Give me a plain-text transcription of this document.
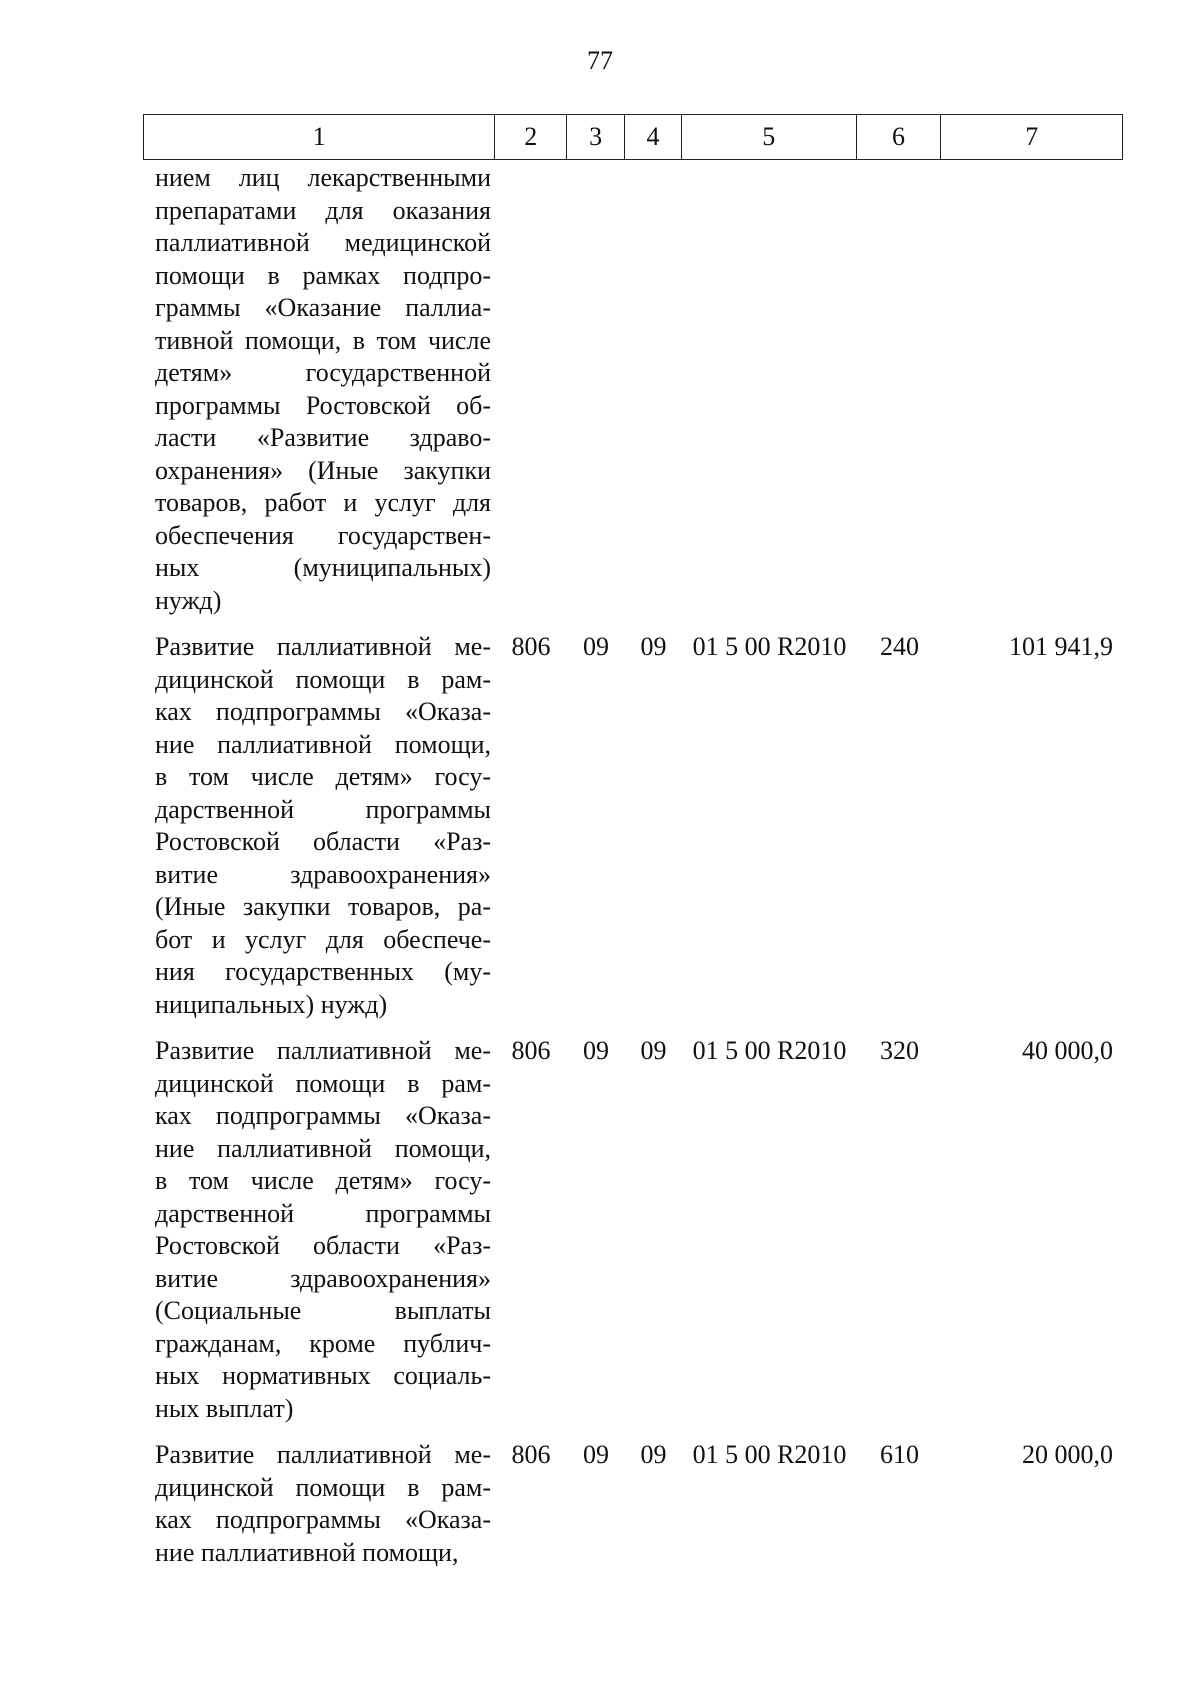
77
1	2	3	4	5	6	7
нием лиц лекарственными
препаратами для оказания
паллиативной медицинской
помощи в рамках подпро-
граммы «Оказание паллиа-
тивной помощи, в том числе
детям» государственной
программы Ростовской об-
ласти «Развитие здраво-
охранения» (Иные закупки
товаров, работ и услуг для
обеспечения государствен-
ных (муниципальных)
нужд)
Развитие паллиативной ме-
дицинской помощи в рам-
ках подпрограммы «Оказа-
ние паллиативной помощи,
в том числе детям» госу-
дарственной программы
Ростовской области «Раз-
витие здравоохранения»
(Иные закупки товаров, ра-
бот и услуг для обеспече-
ния государственных (му-
ниципальных) нужд)
806	09	09	01 5 00 R2010	240	101 941,9
Развитие паллиативной ме-
дицинской помощи в рам-
ках подпрограммы «Оказа-
ние паллиативной помощи,
в том числе детям» госу-
дарственной программы
Ростовской области «Раз-
витие здравоохранения»
(Социальные выплаты
гражданам, кроме публич-
ных нормативных социаль-
ных выплат)
806	09	09	01 5 00 R2010	320	40 000,0
Развитие паллиативной ме-
дицинской помощи в рам-
ках подпрограммы «Оказа-
ние паллиативной помощи,
806	09	09	01 5 00 R2010	610	20 000,0
